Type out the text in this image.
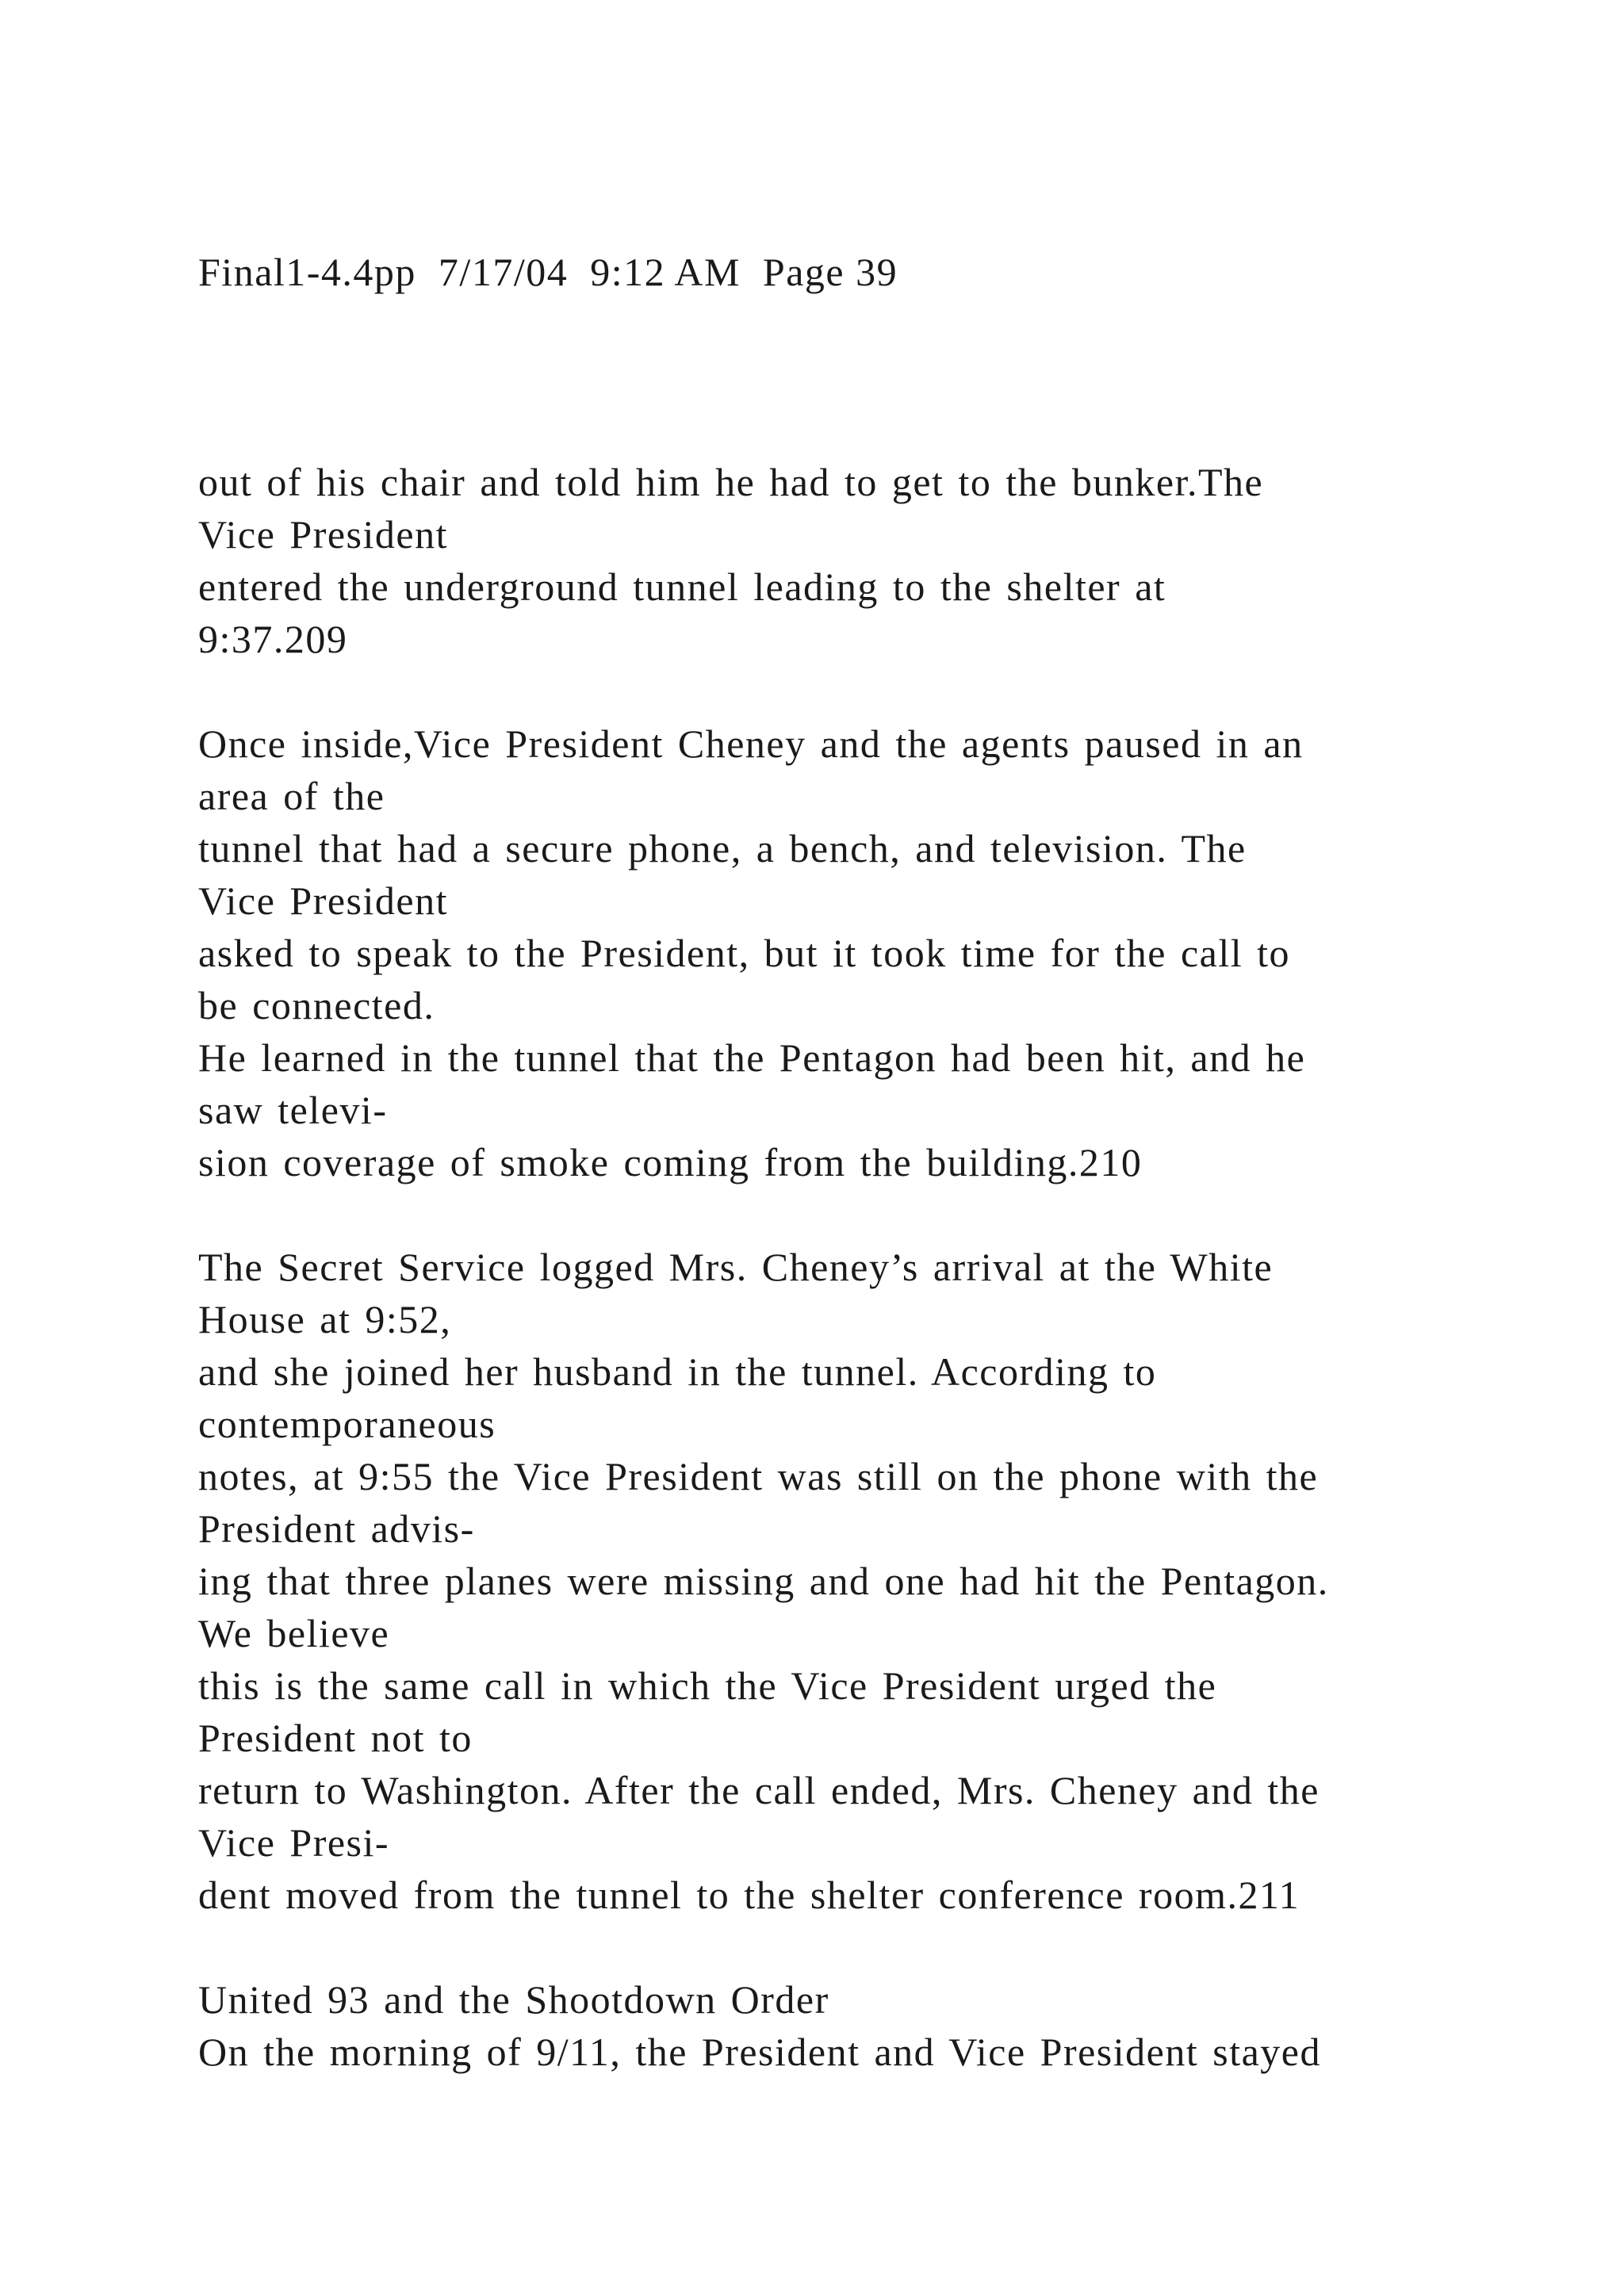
Final1-4.4pp  7/17/04  9:12 AM  Page 39
out of his chair and told him he had to get to the bunker.The
Vice President
entered the underground tunnel leading to the shelter at
9:37.209
Once inside,Vice President Cheney and the agents paused in an
area of the
tunnel that had a secure phone, a bench, and television. The
Vice President
asked to speak to the President, but it took time for the call to
be connected.
He learned in the tunnel that the Pentagon had been hit, and he
saw televi-
sion coverage of smoke coming from the building.210
The Secret Service logged Mrs. Cheney’s arrival at the White
House at 9:52,
and she joined her husband in the tunnel. According to
contemporaneous
notes, at 9:55 the Vice President was still on the phone with the
President advis-
ing that three planes were missing and one had hit the Pentagon.
We believe
this is the same call in which the Vice President urged the
President not to
return to Washington. After the call ended, Mrs. Cheney and the
Vice Presi-
dent moved from the tunnel to the shelter conference room.211
United 93 and the Shootdown Order
On the morning of 9/11, the President and Vice President stayed
